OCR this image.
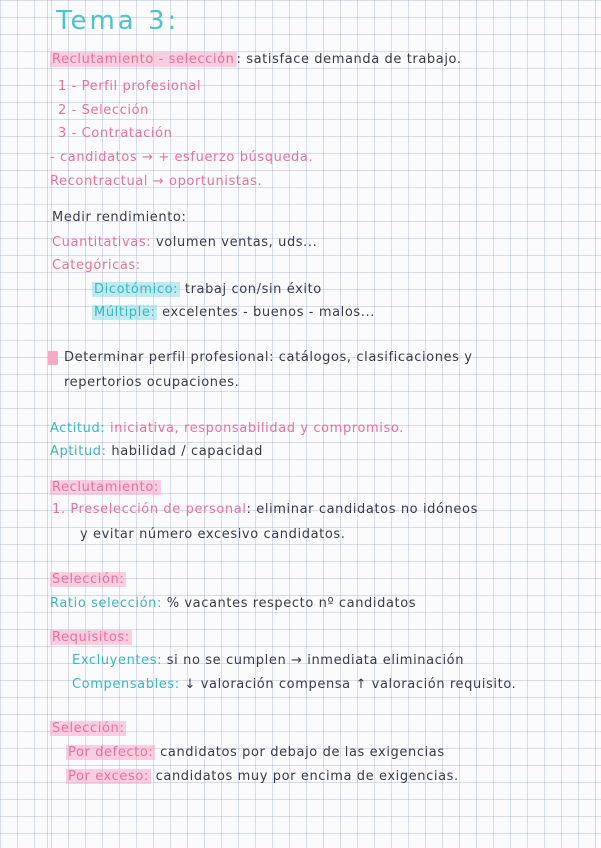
Tema 3:
Reclutamiento - selección : satisface demanda de trabajo.
1 - Perfil profesional
2 - Selección
3 - Contratación
- candidatos → + esfuerzo búsqueda.
Recontractual → oportunistas.
Medir rendimiento:
Cuantitativas: volumen ventas, uds...
Categóricas:
Dicotómico: trabaj con/sin éxito
Múltiple: excelentes - buenos - malos...
Determinar perfil profesional: catálogos, clasificaciones y
repertorios ocupaciones.
Actitud: iniciativa, responsabilidad y compromiso.
Aptitud: habilidad / capacidad
Reclutamiento:
1. Preselección de personal: eliminar candidatos no idóneos
y evitar número excesivo candidatos.
Selección:
Ratio selección: % vacantes respecto nº candidatos
Requisitos:
Excluyentes: si no se cumplen → inmediata eliminación
Compensables: ↓ valoración compensa ↑ valoración requisito.
Selección:
Por defecto: candidatos por debajo de las exigencias
Por exceso: candidatos muy por encima de exigencias.
